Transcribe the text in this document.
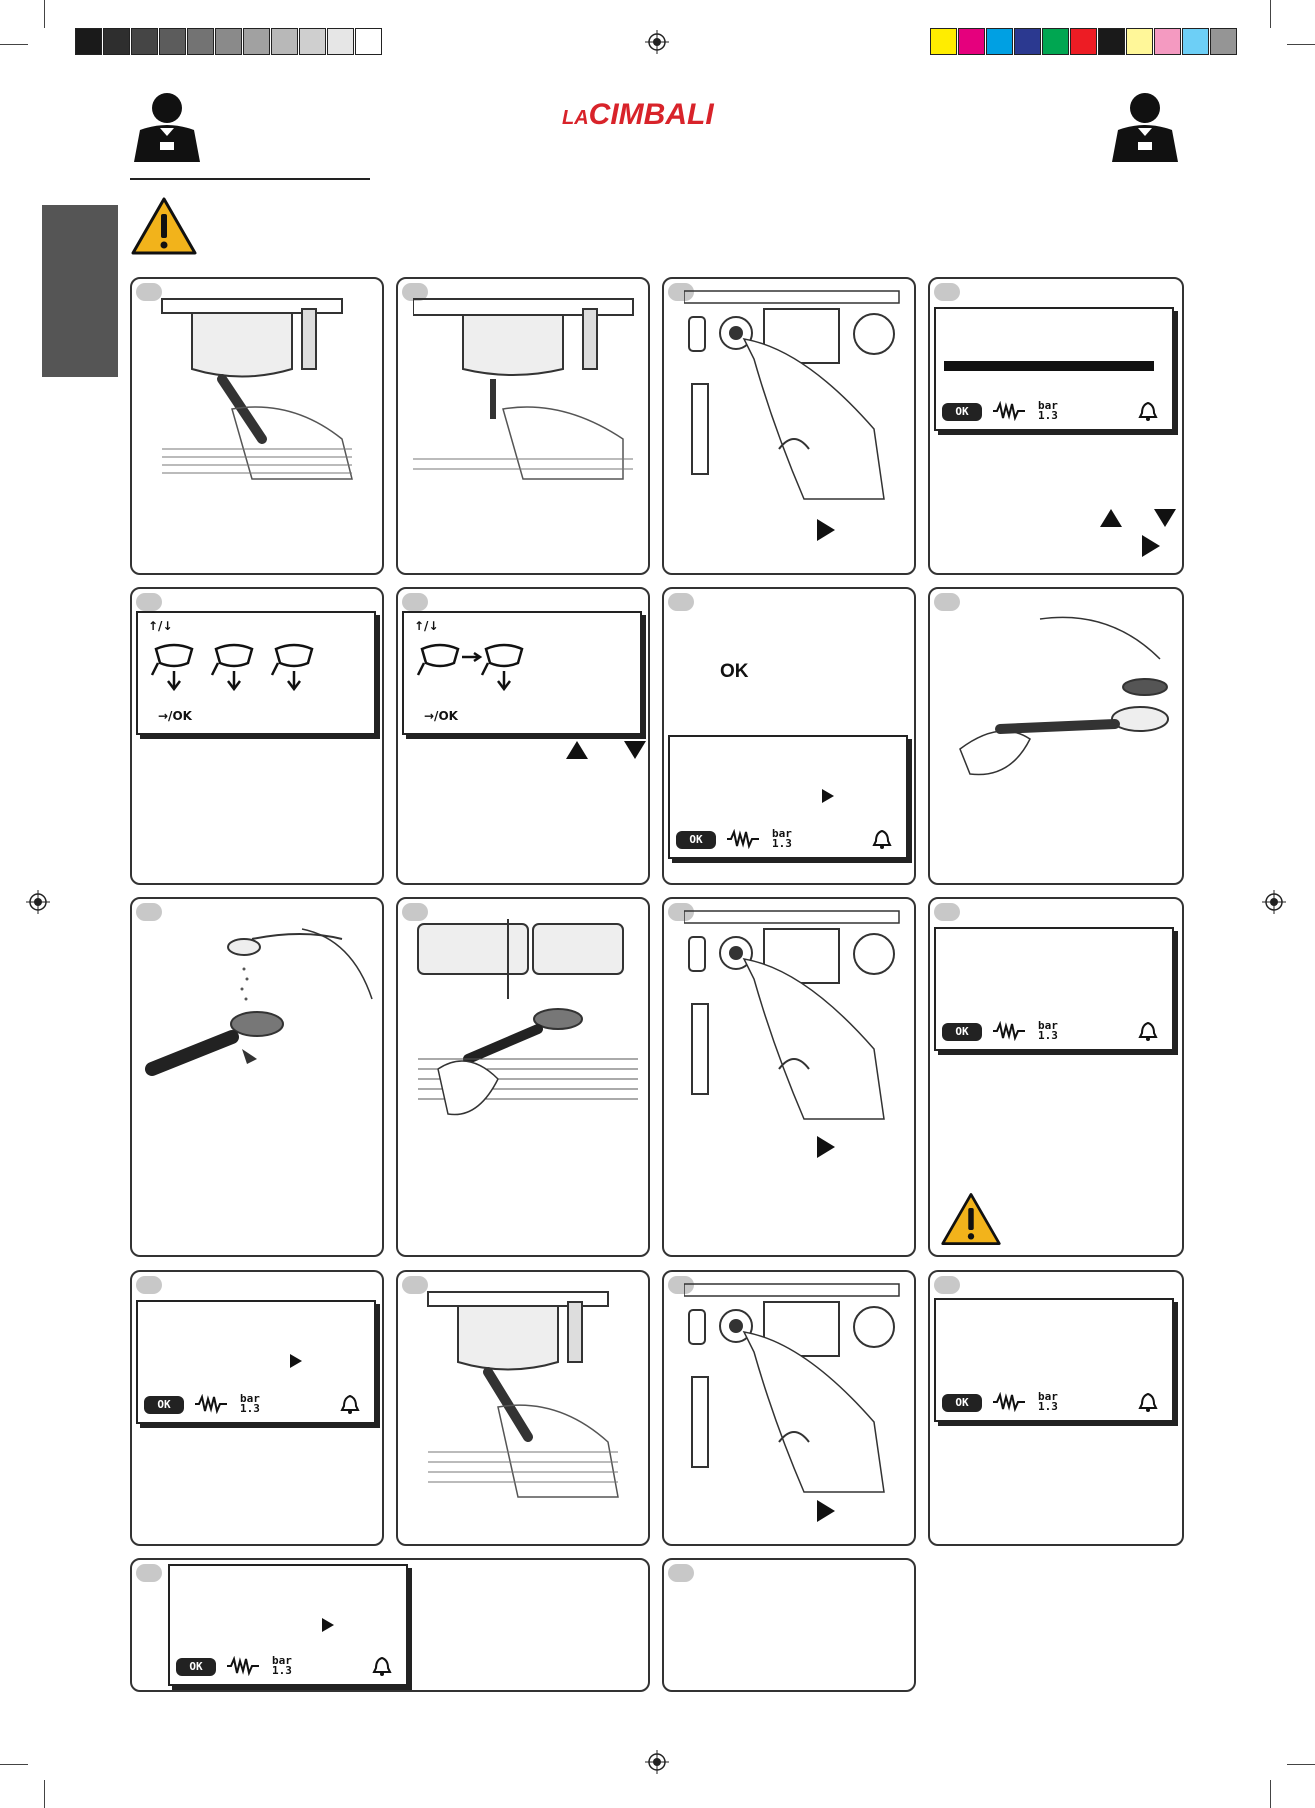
LACIMBALI
OK	bar
1.3
↑/↓
→/OK
↑/↓
→/OK
OK
OK	bar
1.3
OK	bar
1.3
OK	bar
1.3	OK	bar
1.3
OK	bar
1.3
